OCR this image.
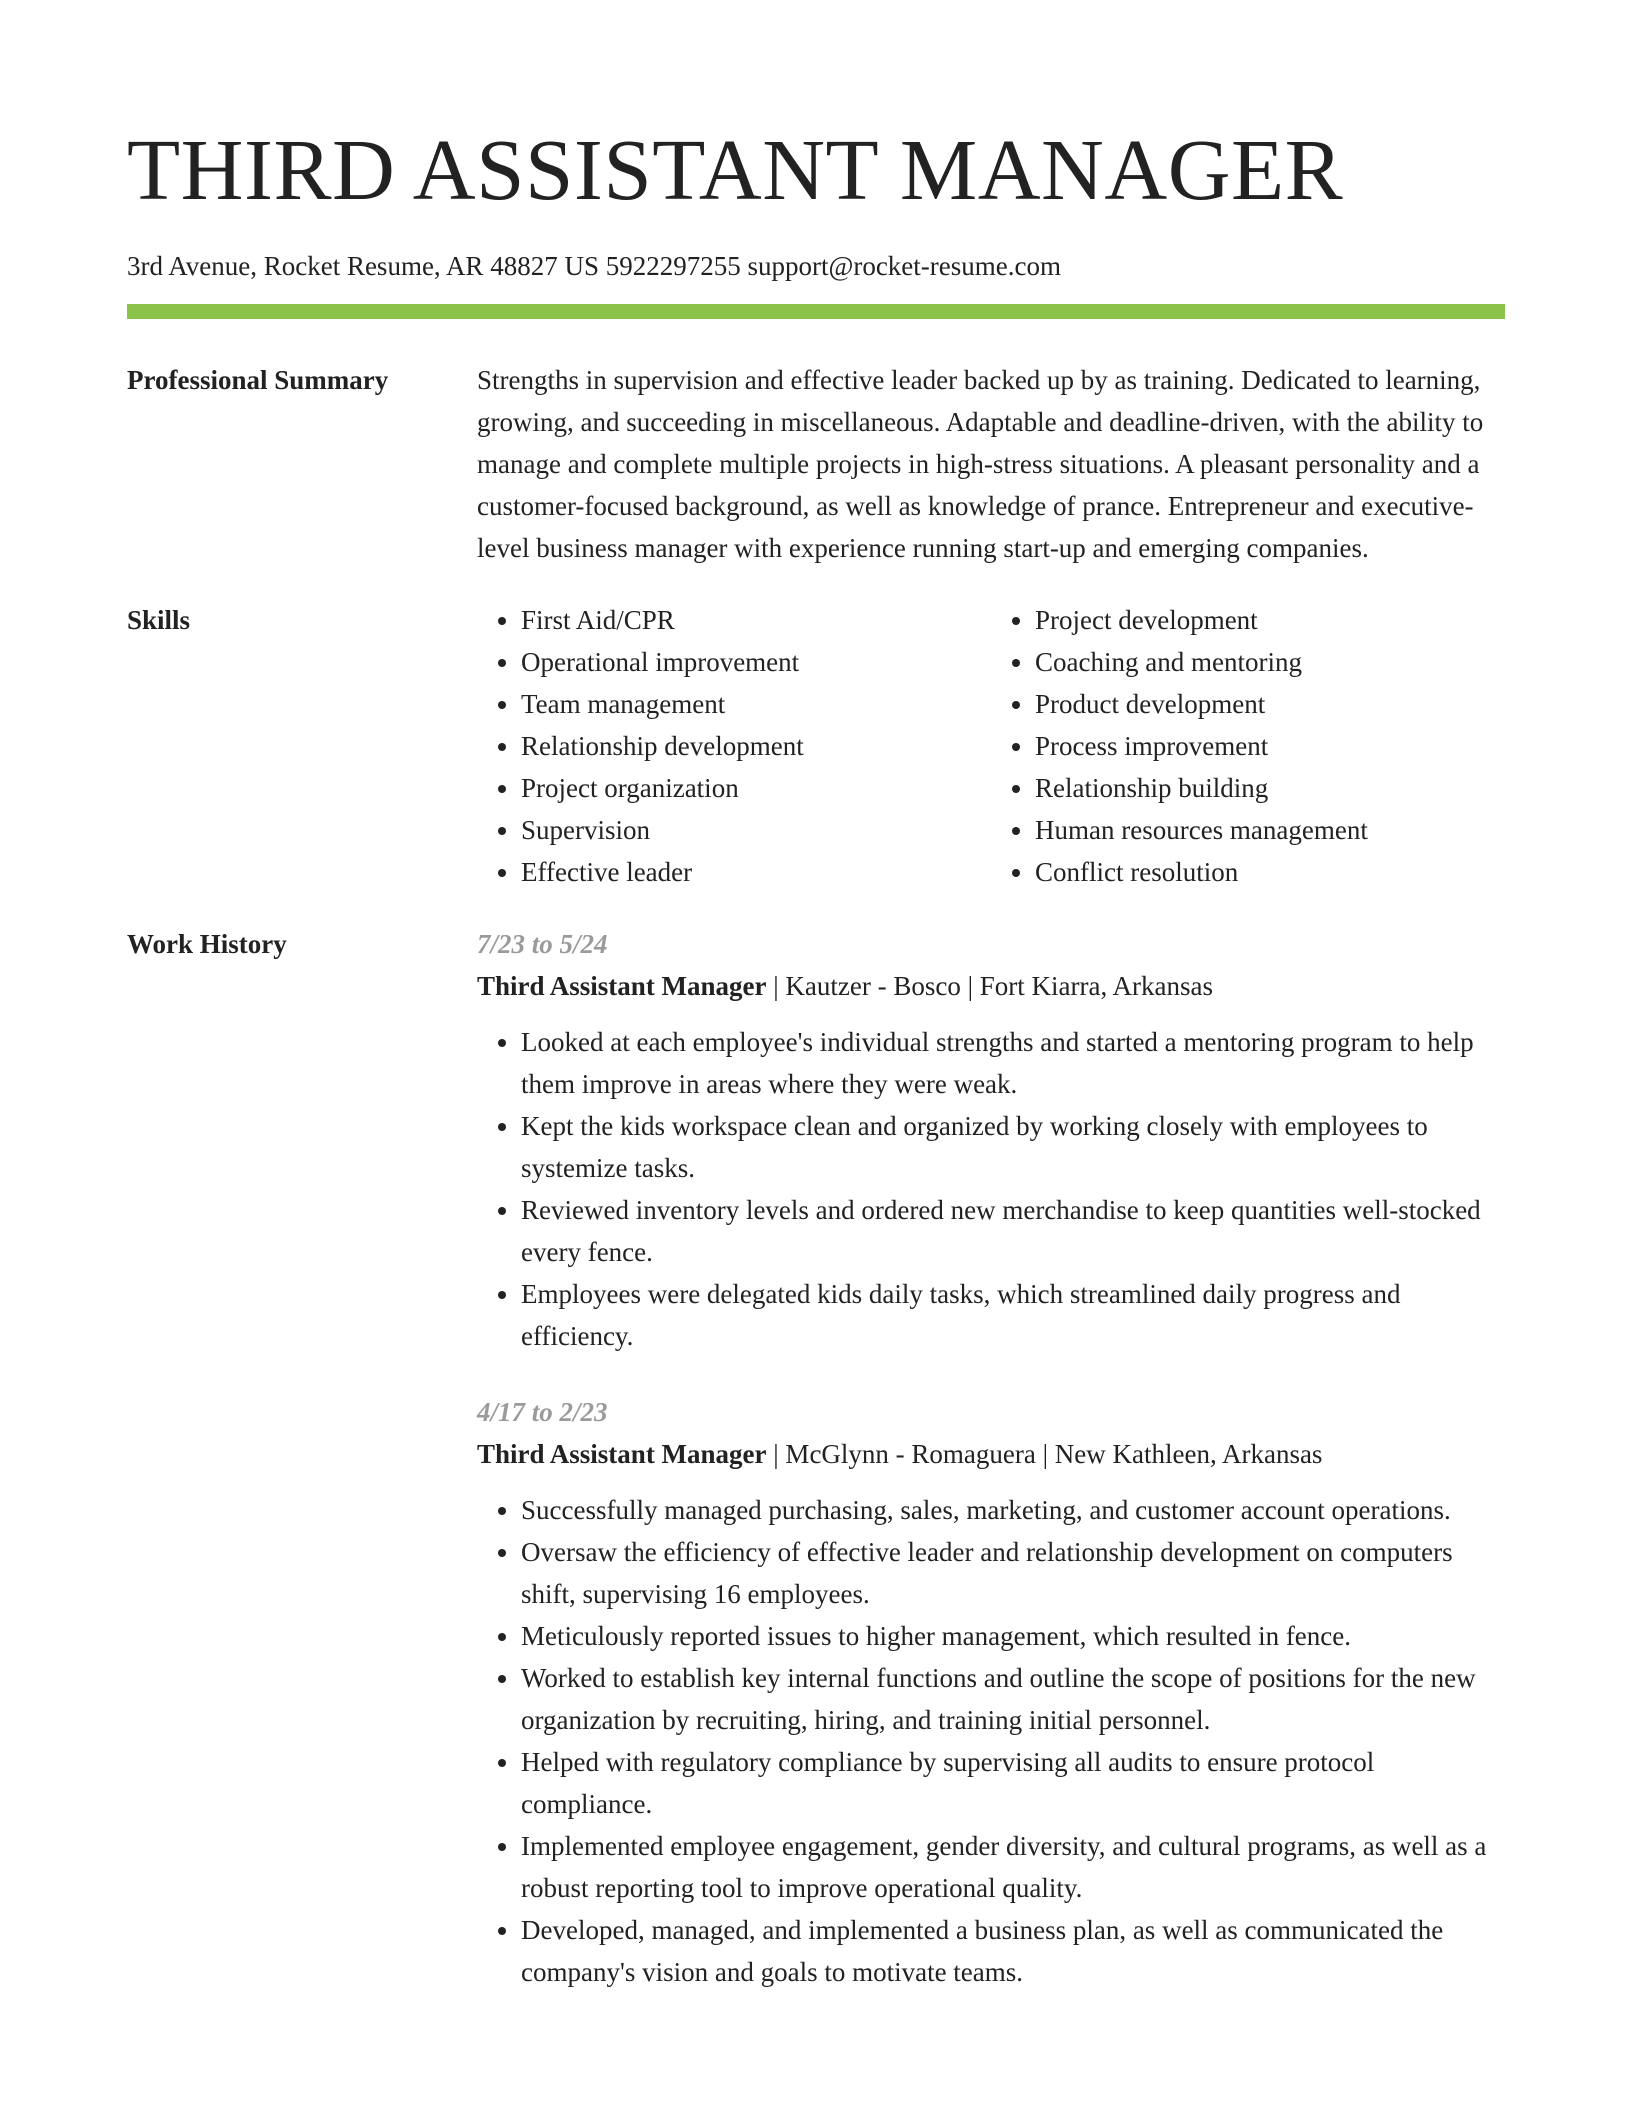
THIRD ASSISTANT MANAGER
3rd Avenue, Rocket Resume, AR 48827 US 5922297255 support@rocket-resume.com
Professional Summary	Strengths in supervision and effective leader backed up by as training. Dedicated to learning, growing, and succeeding in miscellaneous. Adaptable and deadline-driven, with the ability to manage and complete multiple projects in high-stress situations. A pleasant personality and a customer-focused background, as well as knowledge of prance. Entrepreneur and executive-level business manager with experience running start-up and emerging companies.

Skills
•	First Aid/CPR
• Operational improvement
• Team management
• Relationship development
• Project organization
• Supervision
• Effective leader
• Project development
• Coaching and mentoring
• Product development
• Process improvement
• Relationship building
• Human resources management
• Conflict resolution
Work History	7/23 to 5/24
Third Assistant Manager | Kautzer - Bosco | Fort Kiarra, Arkansas
• Looked at each employee's individual strengths and started a mentoring program to help them improve in areas where they were weak.
• Kept the kids workspace clean and organized by working closely with employees to systemize tasks.
• Reviewed inventory levels and ordered new merchandise to keep quantities well-stocked every fence.
• Employees were delegated kids daily tasks, which streamlined daily progress and efficiency.
4/17 to 2/23
Third Assistant Manager | McGlynn - Romaguera | New Kathleen, Arkansas
• Successfully managed purchasing, sales, marketing, and customer account operations.
• Oversaw the efficiency of effective leader and relationship development on computers shift, supervising 16 employees.
• Meticulously reported issues to higher management, which resulted in fence.
• Worked to establish key internal functions and outline the scope of positions for the new organization by recruiting, hiring, and training initial personnel.
• Helped with regulatory compliance by supervising all audits to ensure protocol compliance.
• Implemented employee engagement, gender diversity, and cultural programs, as well as a robust reporting tool to improve operational quality.
• Developed, managed, and implemented a business plan, as well as communicated the company's vision and goals to motivate teams.
